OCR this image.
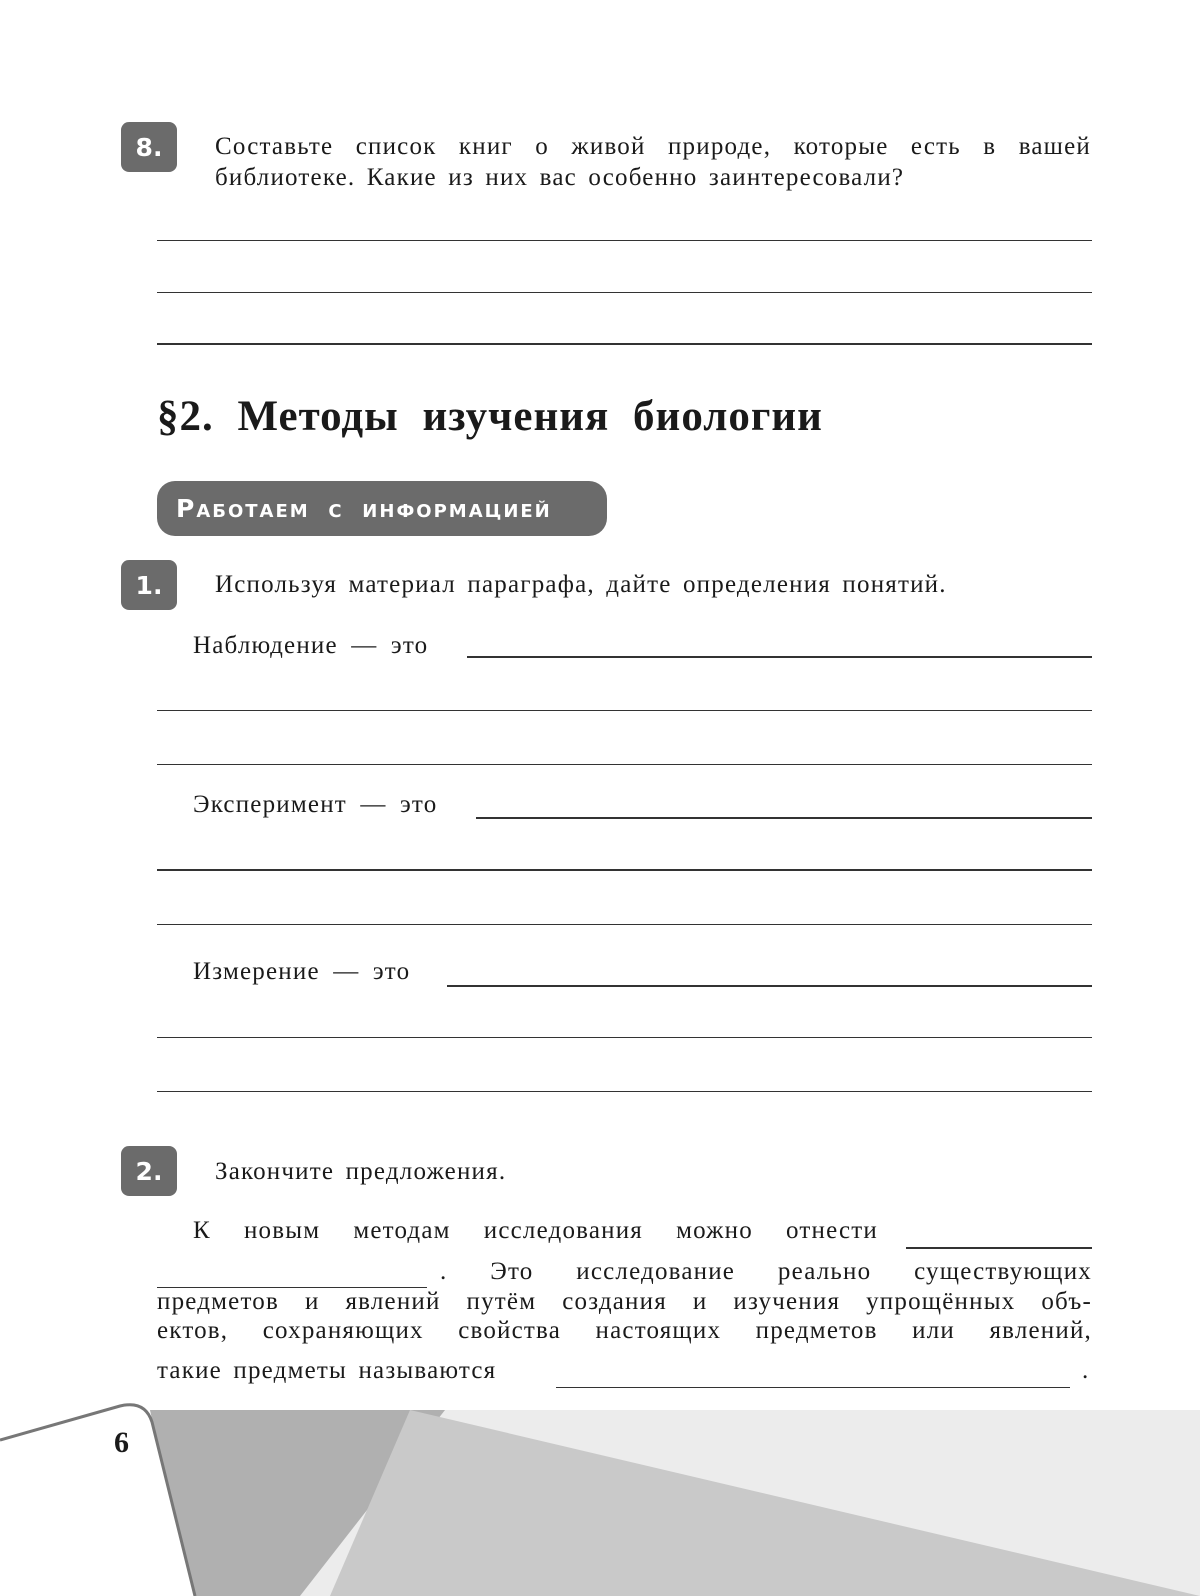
8. Составьте список книг о живой природе, которые есть в вашей библиотеке. Какие из них вас особенно заинтересовали?
§2. Методы изучения биологии
Работаем с информацией
1. Используя материал параграфа, дайте определения понятий.
Наблюдение — это
Эксперимент — это
Измерение — это
2. Закончите предложения.
К новым методам исследования можно отнести
. Это исследование реально существующих
предметов и явлений путём создания и изучения упрощённых объ-
ектов, сохраняющих свойства настоящих предметов или явлений,
такие предметы называются	.
6
